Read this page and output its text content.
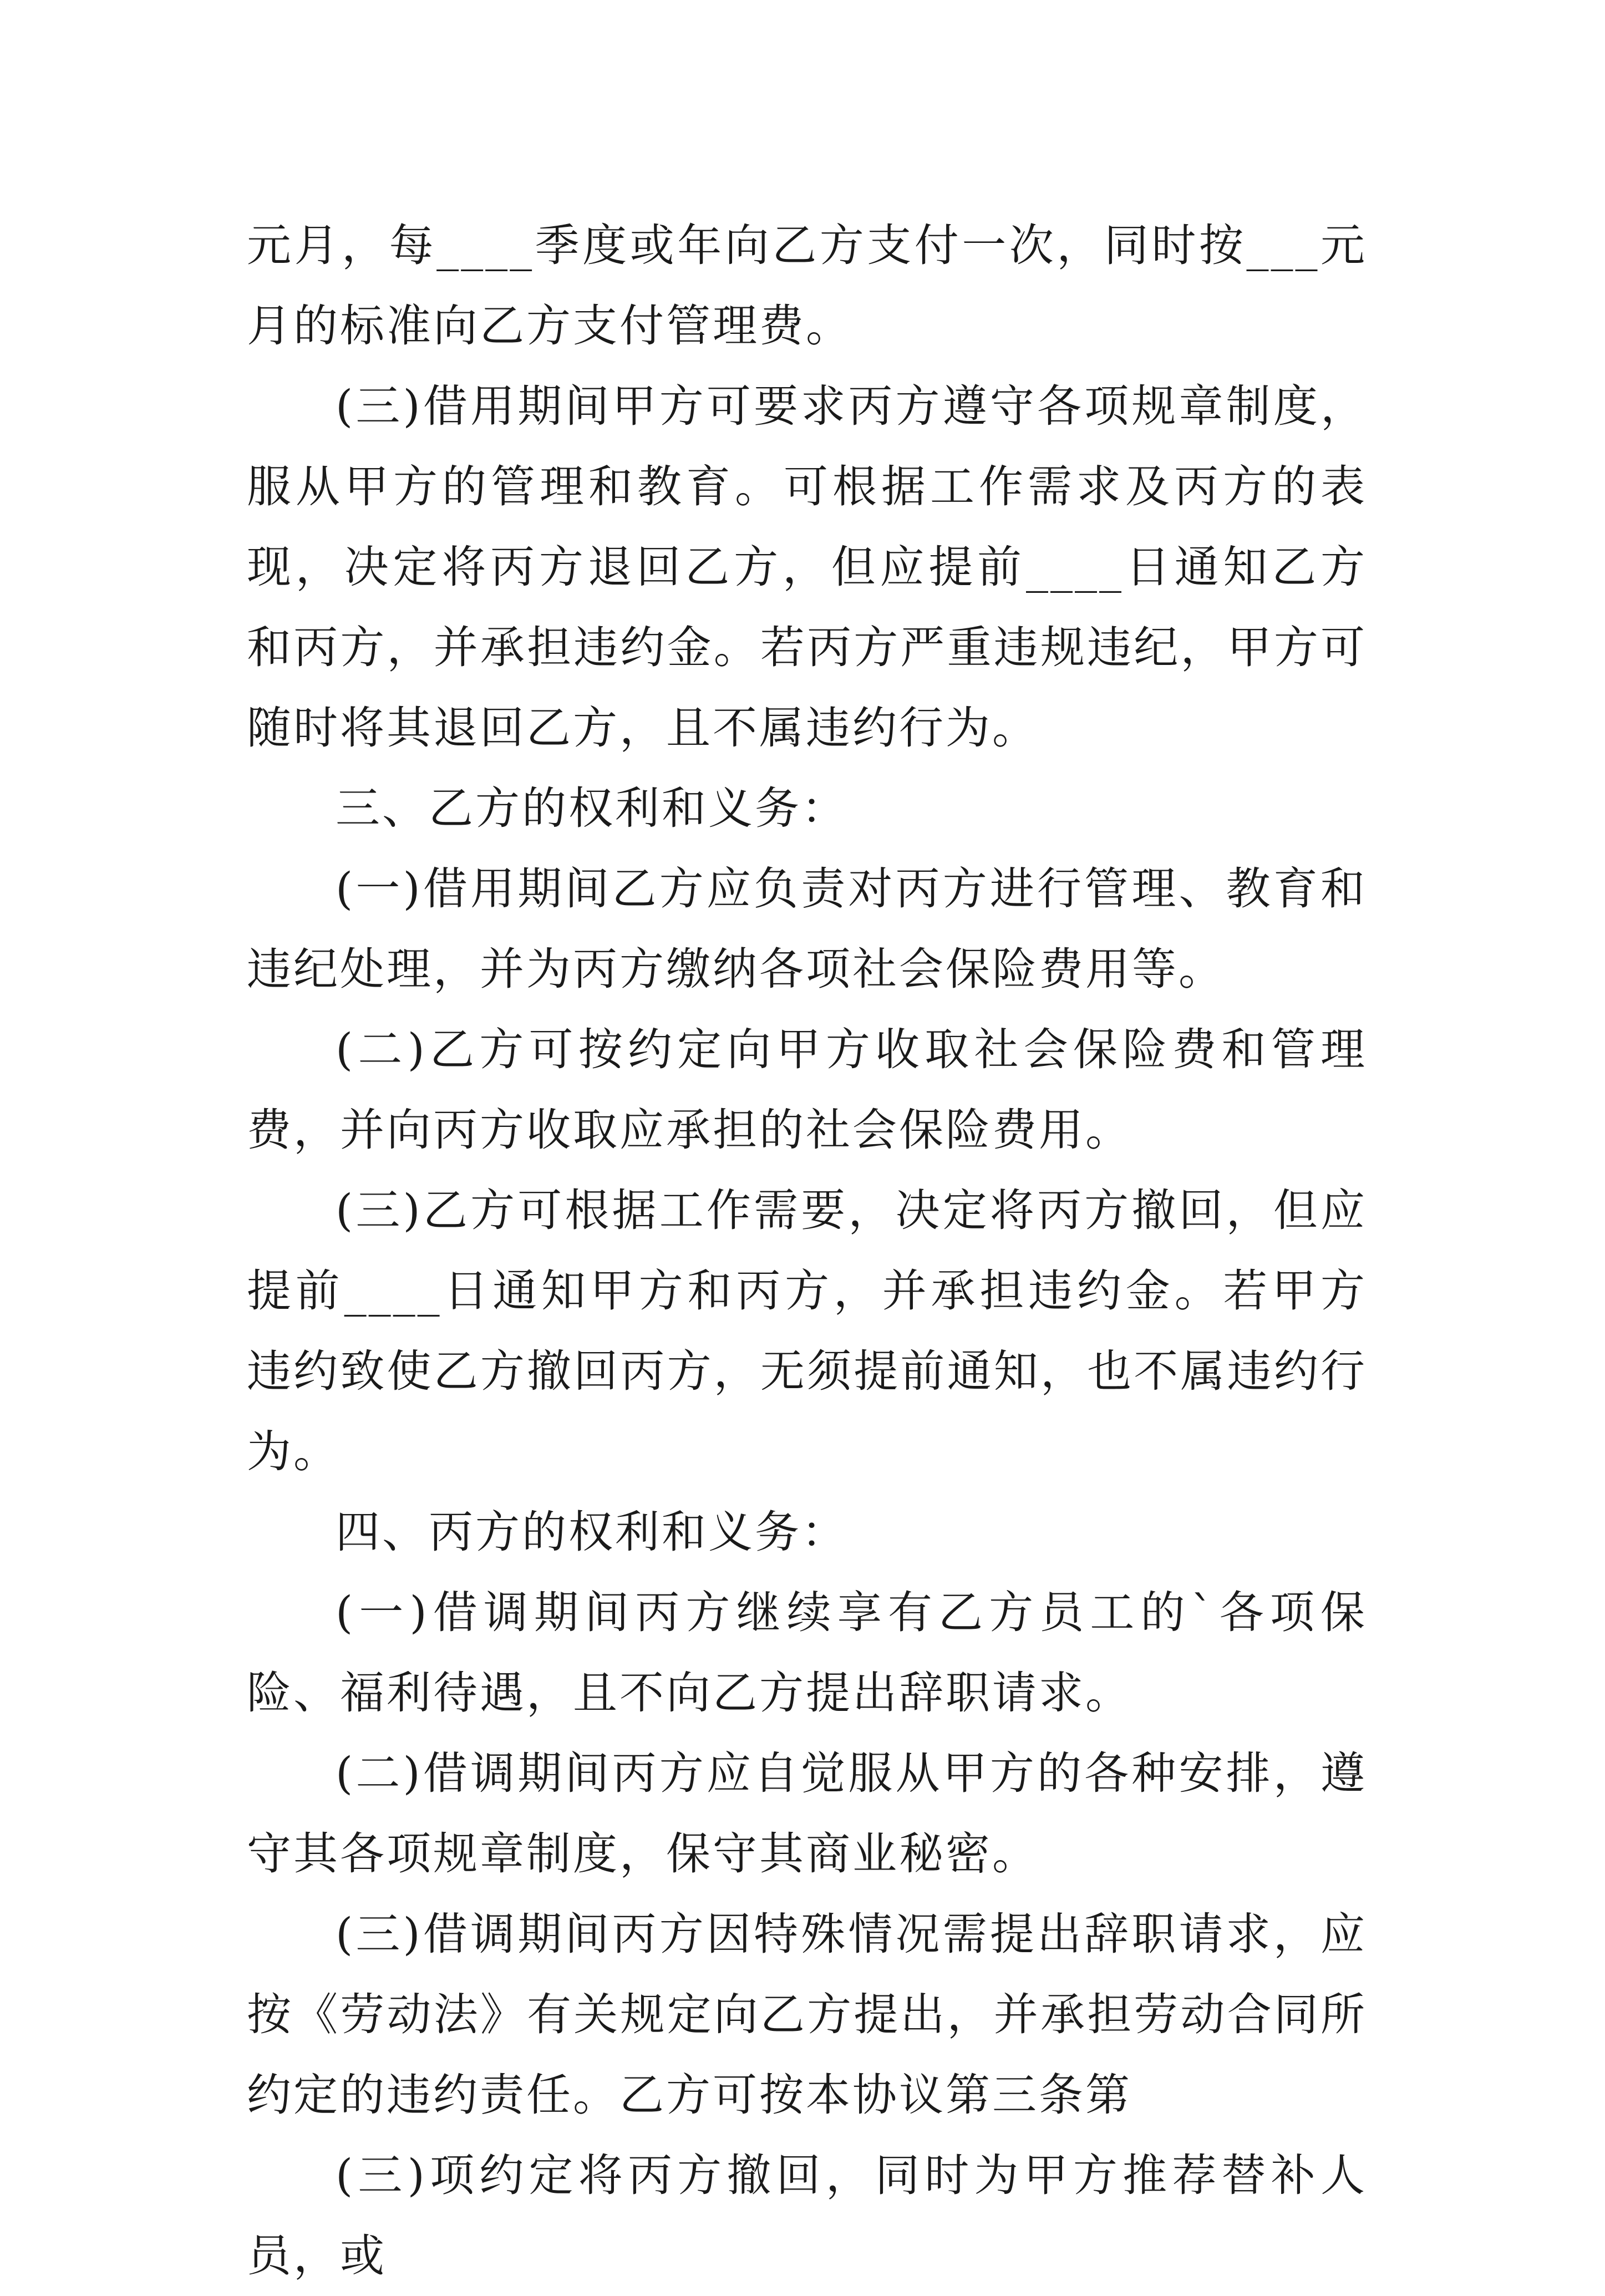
元月，每____季度或年向乙方支付一次，同时按___元月的标准向乙方支付管理费。

(三)借用期间甲方可要求丙方遵守各项规章制度，服从甲方的管理和教育。可根据工作需求及丙方的表现，决定将丙方退回乙方，但应提前____日通知乙方和丙方，并承担违约金。若丙方严重违规违纪，甲方可随时将其退回乙方，且不属违约行为。

三、乙方的权利和义务：

(一)借用期间乙方应负责对丙方进行管理、教育和违纪处理，并为丙方缴纳各项社会保险费用等。

(二)乙方可按约定向甲方收取社会保险费和管理费，并向丙方收取应承担的社会保险费用。

(三)乙方可根据工作需要，决定将丙方撤回，但应提前____日通知甲方和丙方，并承担违约金。若甲方违约致使乙方撤回丙方，无须提前通知，也不属违约行为。

四、丙方的权利和义务：

(一)借调期间丙方继续享有乙方员工的`各项保险、福利待遇，且不向乙方提出辞职请求。

(二)借调期间丙方应自觉服从甲方的各种安排，遵守其各项规章制度，保守其商业秘密。

(三)借调期间丙方因特殊情况需提出辞职请求，应按《劳动法》有关规定向乙方提出，并承担劳动合同所约定的违约责任。乙方可按本协议第三条第

(三)项约定将丙方撤回，同时为甲方推荐替补人员，或
